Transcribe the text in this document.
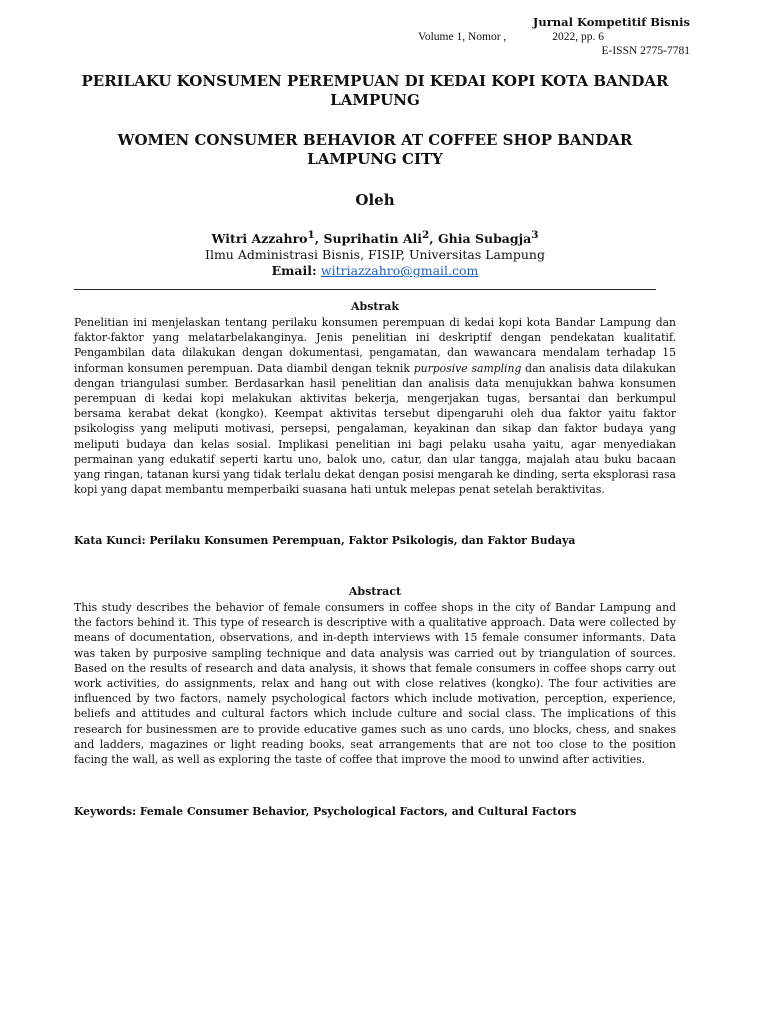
Jurnal Kompetitif Bisnis

Volume 1, Nomor ,	2022, pp. 6

E-ISSN 2775-7781

PERILAKU KONSUMEN PEREMPUAN DI KEDAI KOPI KOTA BANDAR LAMPUNG
WOMEN CONSUMER BEHAVIOR AT COFFEE SHOP BANDAR LAMPUNG CITY

Oleh

Witri Azzahro$^1$, Suprihatin Ali$^2$, Ghia Subagja$^3$
Ilmu Administrasi Bisnis, FISIP, Universitas Lampung
Email: witriazzahro@gmail.com

Abstrak

Penelitian ini menjelaskan tentang perilaku konsumen perempuan di kedai kopi kota Bandar Lampung dan faktor-faktor yang melatarbelakanginya. Jenis penelitian ini deskriptif dengan pendekatan kualitatif. Pengambilan data dilakukan dengan dokumentasi, pengamatan, dan wawancara mendalam terhadap 15 informan konsumen perempuan. Data diambil dengan teknik purposive sampling dan analisis data dilakukan dengan triangulasi sumber. Berdasarkan hasil penelitian dan analisis data menujukkan bahwa konsumen perempuan di kedai kopi melakukan aktivitas bekerja, mengerjakan tugas, bersantai dan berkumpul bersama kerabat dekat (kongko). Keempat aktivitas tersebut dipengaruhi oleh dua faktor yaitu faktor psikologiss yang meliputi motivasi, persepsi, pengalaman, keyakinan dan sikap dan faktor budaya yang meliputi budaya dan kelas sosial. Implikasi penelitian ini bagi pelaku usaha yaitu, agar menyediakan permainan yang edukatif seperti kartu uno, balok uno, catur, dan ular tangga, majalah atau buku bacaan yang ringan, tatanan kursi yang tidak terlalu dekat dengan posisi mengarah ke dinding, serta eksplorasi rasa kopi yang dapat membantu memperbaiki suasana hati untuk melepas penat setelah beraktivitas.

Kata Kunci: Perilaku Konsumen Perempuan, Faktor Psikologis, dan Faktor Budaya

Abstract

This study describes the behavior of female consumers in coffee shops in the city of Bandar Lampung and the factors behind it. This type of research is descriptive with a qualitative approach. Data were collected by means of documentation, observations, and in-depth interviews with 15 female consumer informants. Data was taken by purposive sampling technique and data analysis was carried out by triangulation of sources. Based on the results of research and data analysis, it shows that female consumers in coffee shops carry out work activities, do assignments, relax and hang out with close relatives (kongko). The four activities are influenced by two factors, namely psychological factors which include motivation, perception, experience, beliefs and attitudes and cultural factors which include culture and social class. The implications of this research for businessmen are to provide educative games such as uno cards, uno blocks, chess, and snakes and ladders, magazines or light reading books, seat arrangements that are not too close to the position facing the wall, as well as exploring the taste of coffee that improve the mood to unwind after activities.

Keywords: Female Consumer Behavior, Psychological Factors, and Cultural Factors
